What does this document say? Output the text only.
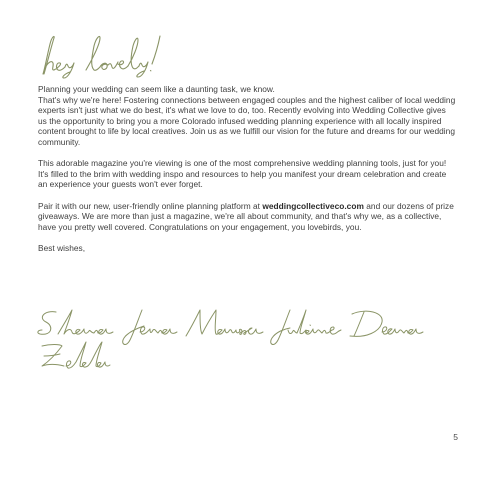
Planning your wedding can seem like a daunting task, we know.

That's why we're here! Fostering connections between engaged couples and the highest caliber of local wedding experts isn't just what we do best, it's what we love to do, too. Recently evolving into Wedding Collective gives us the opportunity to bring you a more Colorado infused wedding planning experience with all locally inspired content brought to life by local creatives. Join us as we fulfill our vision for the future and dreams for our wedding community.

This adorable magazine you're viewing is one of the most comprehensive wedding planning tools, just for you! It's filled to the brim with wedding inspo and resources to help you manifest your dream celebration and create an experience your guests won't ever forget.

Pair it with our new, user-friendly online planning platform at weddingcollectiveco.com and our dozens of prize giveaways. We are more than just a magazine, we're all about community, and that's why we, as a collective, have you pretty well covered. Congratulations on your engagement, you lovebirds, you.

Best wishes,

5
